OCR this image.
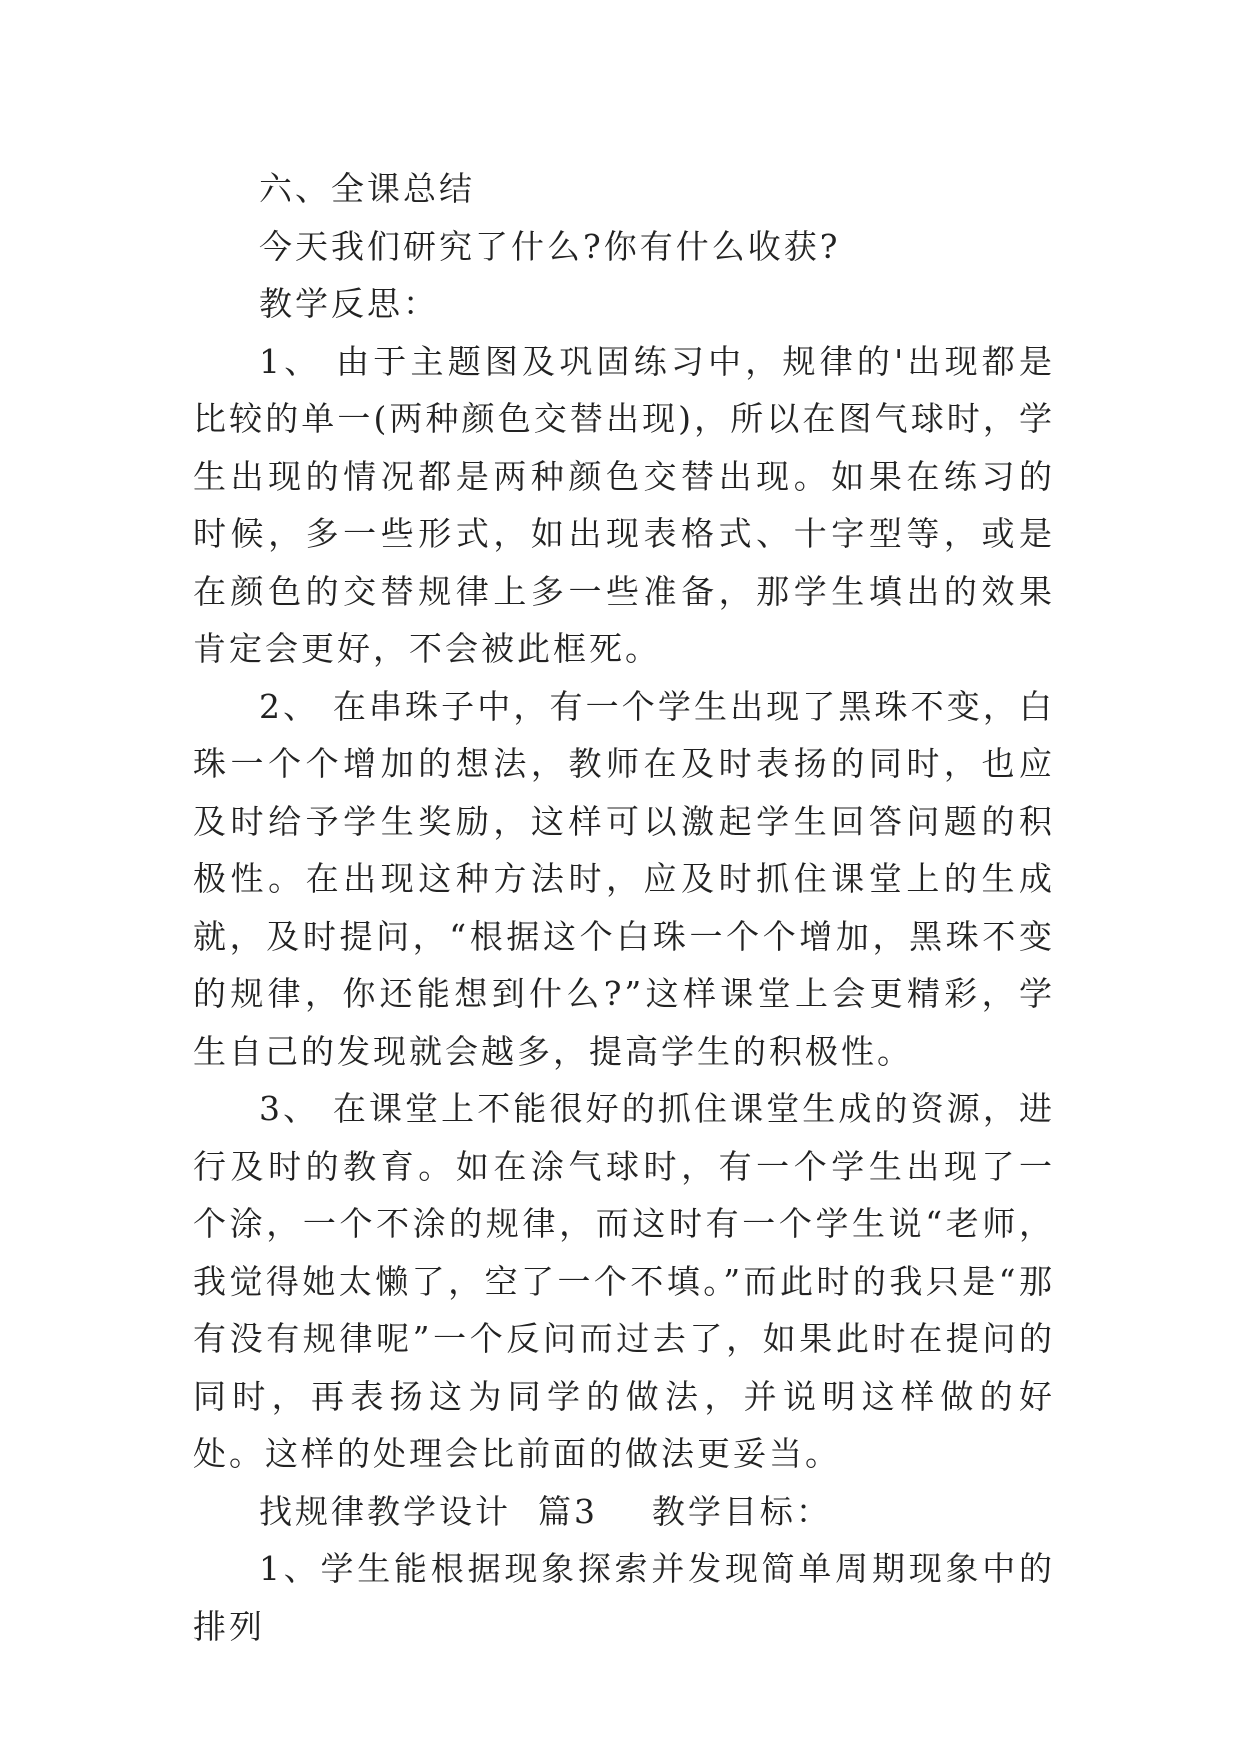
六、全课总结

今天我们研究了什么?你有什么收获?

教学反思：

1、 由于主题图及巩固练习中，规律的'出现都是比较的单一(两种颜色交替出现)，所以在图气球时，学生出现的情况都是两种颜色交替出现。如果在练习的时候，多一些形式，如出现表格式、十字型等，或是在颜色的交替规律上多一些准备，那学生填出的效果肯定会更好，不会被此框死。

2、 在串珠子中，有一个学生出现了黑珠不变，白珠一个个增加的想法，教师在及时表扬的同时，也应及时给予学生奖励，这样可以激起学生回答问题的积极性。在出现这种方法时，应及时抓住课堂上的生成就，及时提问，“根据这个白珠一个个增加，黑珠不变的规律，你还能想到什么?”这样课堂上会更精彩，学生自己的发现就会越多，提高学生的积极性。

3、 在课堂上不能很好的抓住课堂生成的资源，进行及时的教育。如在涂气球时，有一个学生出现了一个涂，一个不涂的规律，而这时有一个学生说“老师，我觉得她太懒了，空了一个不填。”而此时的我只是“那有没有规律呢”一个反问而过去了，如果此时在提问的同时，再表扬这为同学的做法，并说明这样做的好处。这样的处理会比前面的做法更妥当。

找规律教学设计  篇3    教学目标：

1、学生能根据现象探索并发现简单周期现象中的排列
